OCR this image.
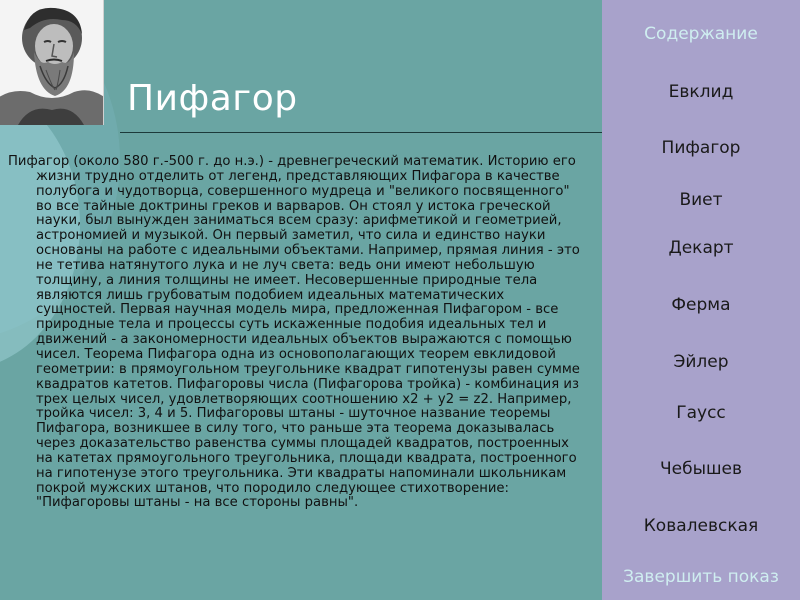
Пифагор

Пифагор (около 580 г.-500 г. до н.э.) - древнегреческий математик. Историю его жизни трудно отделить от легенд, представляющих Пифагора в качестве полубога и чудотворца, совершенного мудреца и "великого посвященного" во все тайные доктрины греков и варваров. Он стоял у истока греческой науки, был вынужден заниматься всем сразу: арифметикой и геометрией, астрономией и музыкой. Он первый заметил, что сила и единство науки основаны на работе с идеальными объектами. Например, прямая линия - это не тетива натянутого лука и не луч света: ведь они имеют небольшую толщину, а линия толщины не имеет. Несовершенные природные тела являются лишь грубоватым подобием идеальных математических сущностей. Первая научная модель мира, предложенная Пифагором - все природные тела и процессы суть искаженные подобия идеальных тел и движений - а закономерности идеальных объектов выражаются с помощью чисел. Теорема Пифагора одна из основополагающих теорем евклидовой геометрии: в прямоугольном треугольнике квадрат гипотенузы равен сумме квадратов катетов. Пифагоровы числа (Пифагорова тройка) - комбинация из трех целых чисел, удовлетворяющих соотношению x2 + y2 = z2. Например, тройка чисел: 3, 4 и 5. Пифагоровы штаны - шуточное название теоремы Пифагора, возникшее в силу того, что раньше эта теорема доказывалась через доказательство равенства суммы площадей квадратов, построенных на катетах прямоугольного треугольника, площади квадрата, построенного на гипотенузе этого треугольника. Эти квадраты напоминали школьникам покрой мужских штанов, что породило следующее стихотворение: "Пифагоровы штаны - на все стороны равны".

Содержание
Евклид
Пифагор
Виет
Декарт
Ферма
Эйлер
Гаусс
Чебышев
Ковалевская
Завершить показ
